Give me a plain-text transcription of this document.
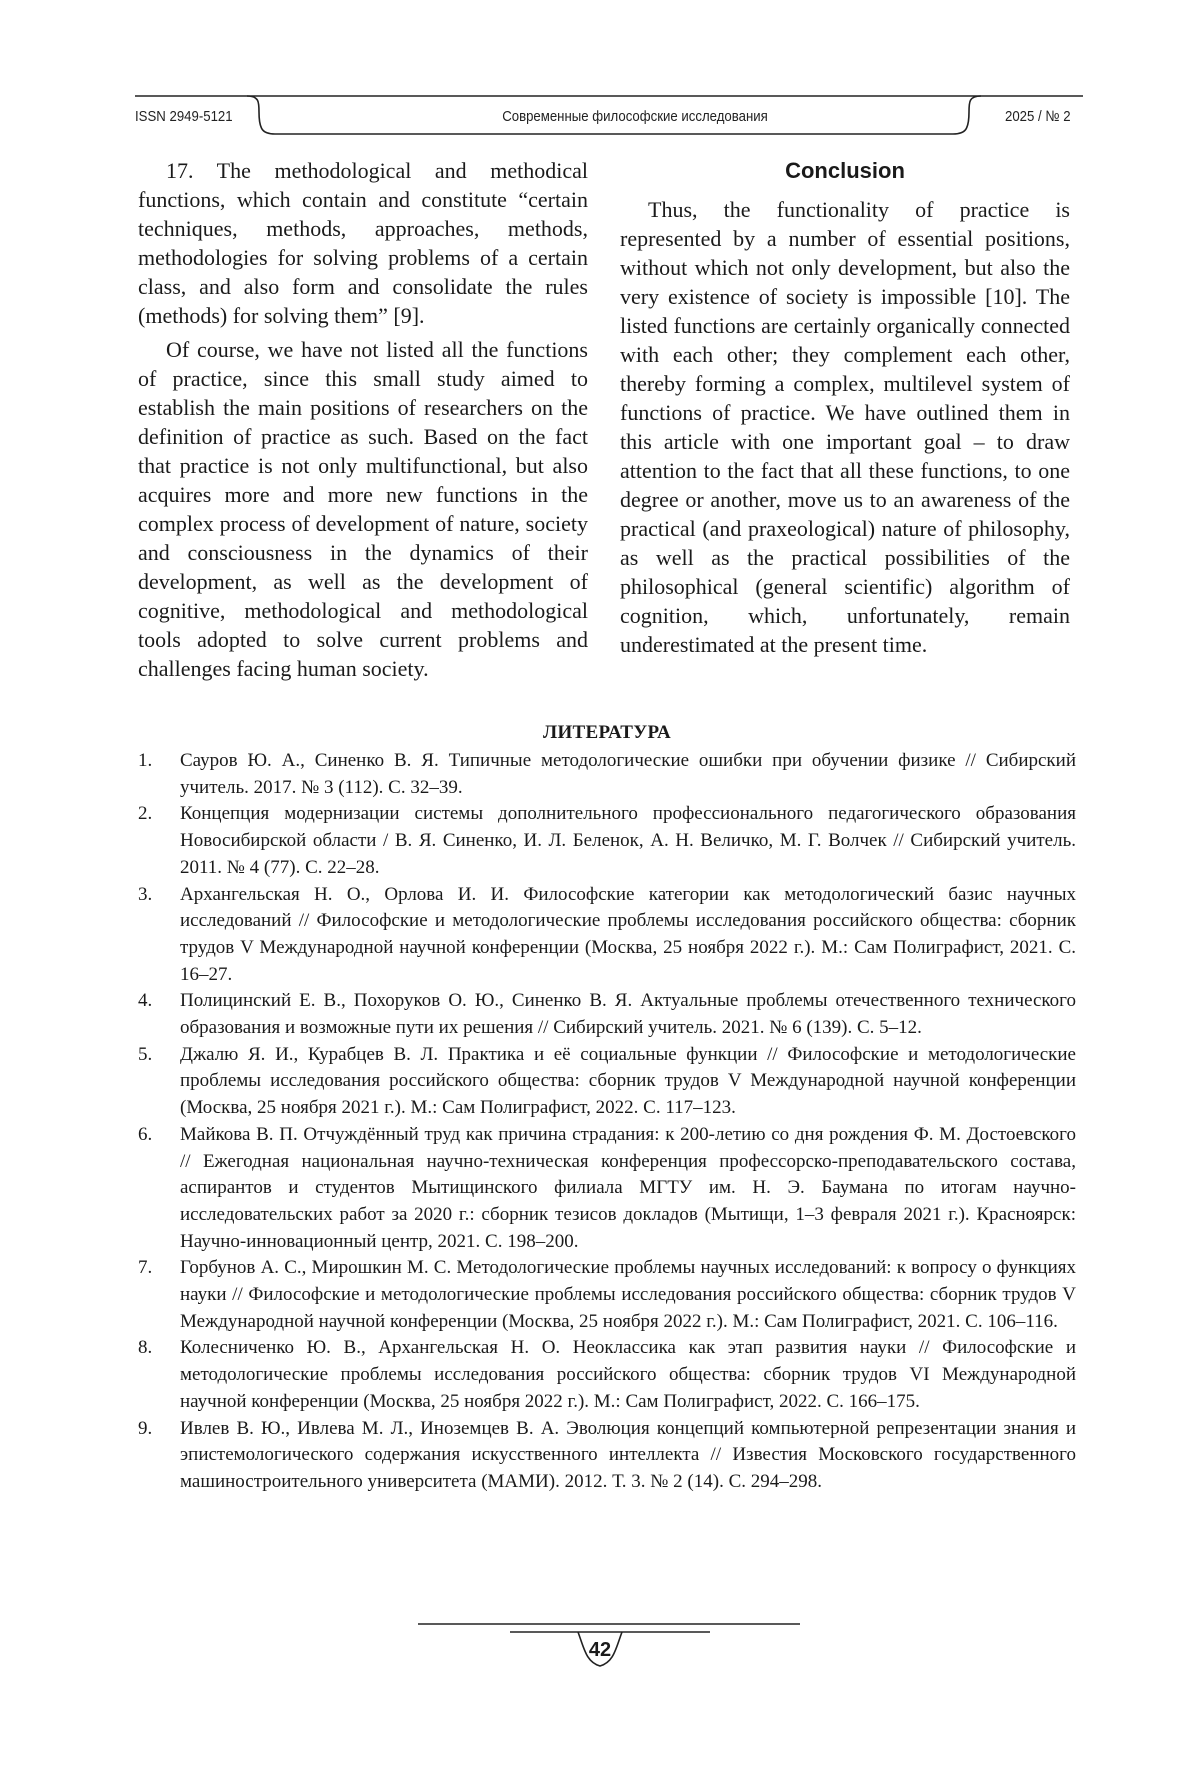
ISSN 2949-5121	Современные философские исследования	2025 / № 2

17. The methodological and methodical functions, which contain and constitute “certain techniques, methods, approaches, methods, methodologies for solving problems of a certain class, and also form and consolidate the rules (methods) for solving them” [9].

Of course, we have not listed all the functions of practice, since this small study aimed to establish the main positions of researchers on the definition of practice as such. Based on the fact that practice is not only multifunctional, but also acquires more and more new functions in the complex process of development of nature, society and consciousness in the dynamics of their development, as well as the development of cognitive, methodological and methodological tools adopted to solve current problems and challenges facing human society.

Conclusion

Thus, the functionality of practice is represented by a number of essential positions, without which not only development, but also the very existence of society is impossible [10]. The listed functions are certainly organically connected with each other; they complement each other, thereby forming a complex, multilevel system of functions of practice. We have outlined them in this article with one important goal – to draw attention to the fact that all these functions, to one degree or another, move us to an awareness of the practical (and praxeological) nature of philosophy, as well as the practical possibilities of the philosophical (general scientific) algorithm of cognition, which, unfortunately, remain underestimated at the present time.

ЛИТЕРАТУРА
1. Сауров Ю. А., Синенко В. Я. Типичные методологические ошибки при обучении физике // Сибирский учитель. 2017. № 3 (112). С. 32–39.
2. Концепция модернизации системы дополнительного профессионального педагогического образования Новосибирской области / В. Я. Синенко, И. Л. Беленок, А. Н. Величко, М. Г. Волчек // Сибирский учитель. 2011. № 4 (77). С. 22–28.
3. Архангельская Н. О., Орлова И. И. Философские категории как методологический базис научных исследований // Философские и методологические проблемы исследования российского общества: сборник трудов V Международной научной конференции (Москва, 25 ноября 2022 г.). М.: Сам Полиграфист, 2021. С. 16–27.
4. Полицинский Е. В., Похоруков О. Ю., Синенко В. Я. Актуальные проблемы отечественного технического образования и возможные пути их решения // Сибирский учитель. 2021. № 6 (139). С. 5–12.
5. Джалю Я. И., Курабцев В. Л. Практика и её социальные функции // Философские и методологические проблемы исследования российского общества: сборник трудов V Международной научной конференции (Москва, 25 ноября 2021 г.). М.: Сам Полиграфист, 2022. С. 117–123.
6. Майкова В. П. Отчуждённый труд как причина страдания: к 200-летию со дня рождения Ф. М. Достоевского // Ежегодная национальная научно-техническая конференция профессорско-преподавательского состава, аспирантов и студентов Мытищинского филиала МГТУ им. Н. Э. Баумана по итогам научно-исследовательских работ за 2020 г.: сборник тезисов докладов (Мытищи, 1–3 февраля 2021 г.). Красноярск: Научно-инновационный центр, 2021. С. 198–200.
7. Горбунов А. С., Мирошкин М. С. Методологические проблемы научных исследований: к вопросу о функциях науки // Философские и методологические проблемы исследования российского общества: сборник трудов V Международной научной конференции (Москва, 25 ноября 2022 г.). М.: Сам Полиграфист, 2021. С. 106–116.
8. Колесниченко Ю. В., Архангельская Н. О. Неоклассика как этап развития науки // Философские и методологические проблемы исследования российского общества: сборник трудов VI Международной научной конференции (Москва, 25 ноября 2022 г.). М.: Сам Полиграфист, 2022. С. 166–175.
9. Ивлев В. Ю., Ивлева М. Л., Иноземцев В. А. Эволюция концепций компьютерной репрезентации знания и эпистемологического содержания искусственного интеллекта // Известия Московского государственного машиностроительного университета (МАМИ). 2012. Т. 3. № 2 (14). С. 294–298.
42
